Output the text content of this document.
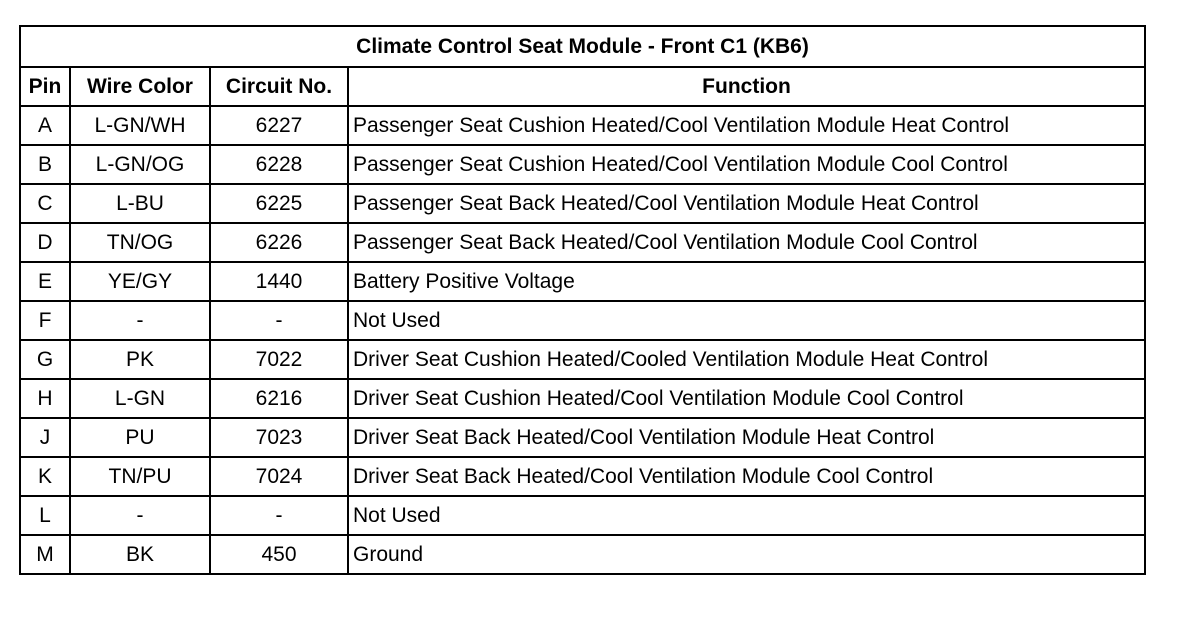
Climate Control Seat Module - Front C1 (KB6)			
Pin	Wire Color	Circuit No.	Function
A	L-GN/WH	6227	Passenger Seat Cushion Heated/Cool Ventilation Module Heat Control
B	L-GN/OG	6228	Passenger Seat Cushion Heated/Cool Ventilation Module Cool Control
C	L-BU	6225	Passenger Seat Back Heated/Cool Ventilation Module Heat Control
D	TN/OG	6226	Passenger Seat Back Heated/Cool Ventilation Module Cool Control
E	YE/GY	1440	Battery Positive Voltage
F	-	-	Not Used
G	PK	7022	Driver Seat Cushion Heated/Cooled Ventilation Module Heat Control
H	L-GN	6216	Driver Seat Cushion Heated/Cool Ventilation Module Cool Control
J	PU	7023	Driver Seat Back Heated/Cool Ventilation Module Heat Control
K	TN/PU	7024	Driver Seat Back Heated/Cool Ventilation Module Cool Control
L	-	-	Not Used
M	BK	450	Ground
